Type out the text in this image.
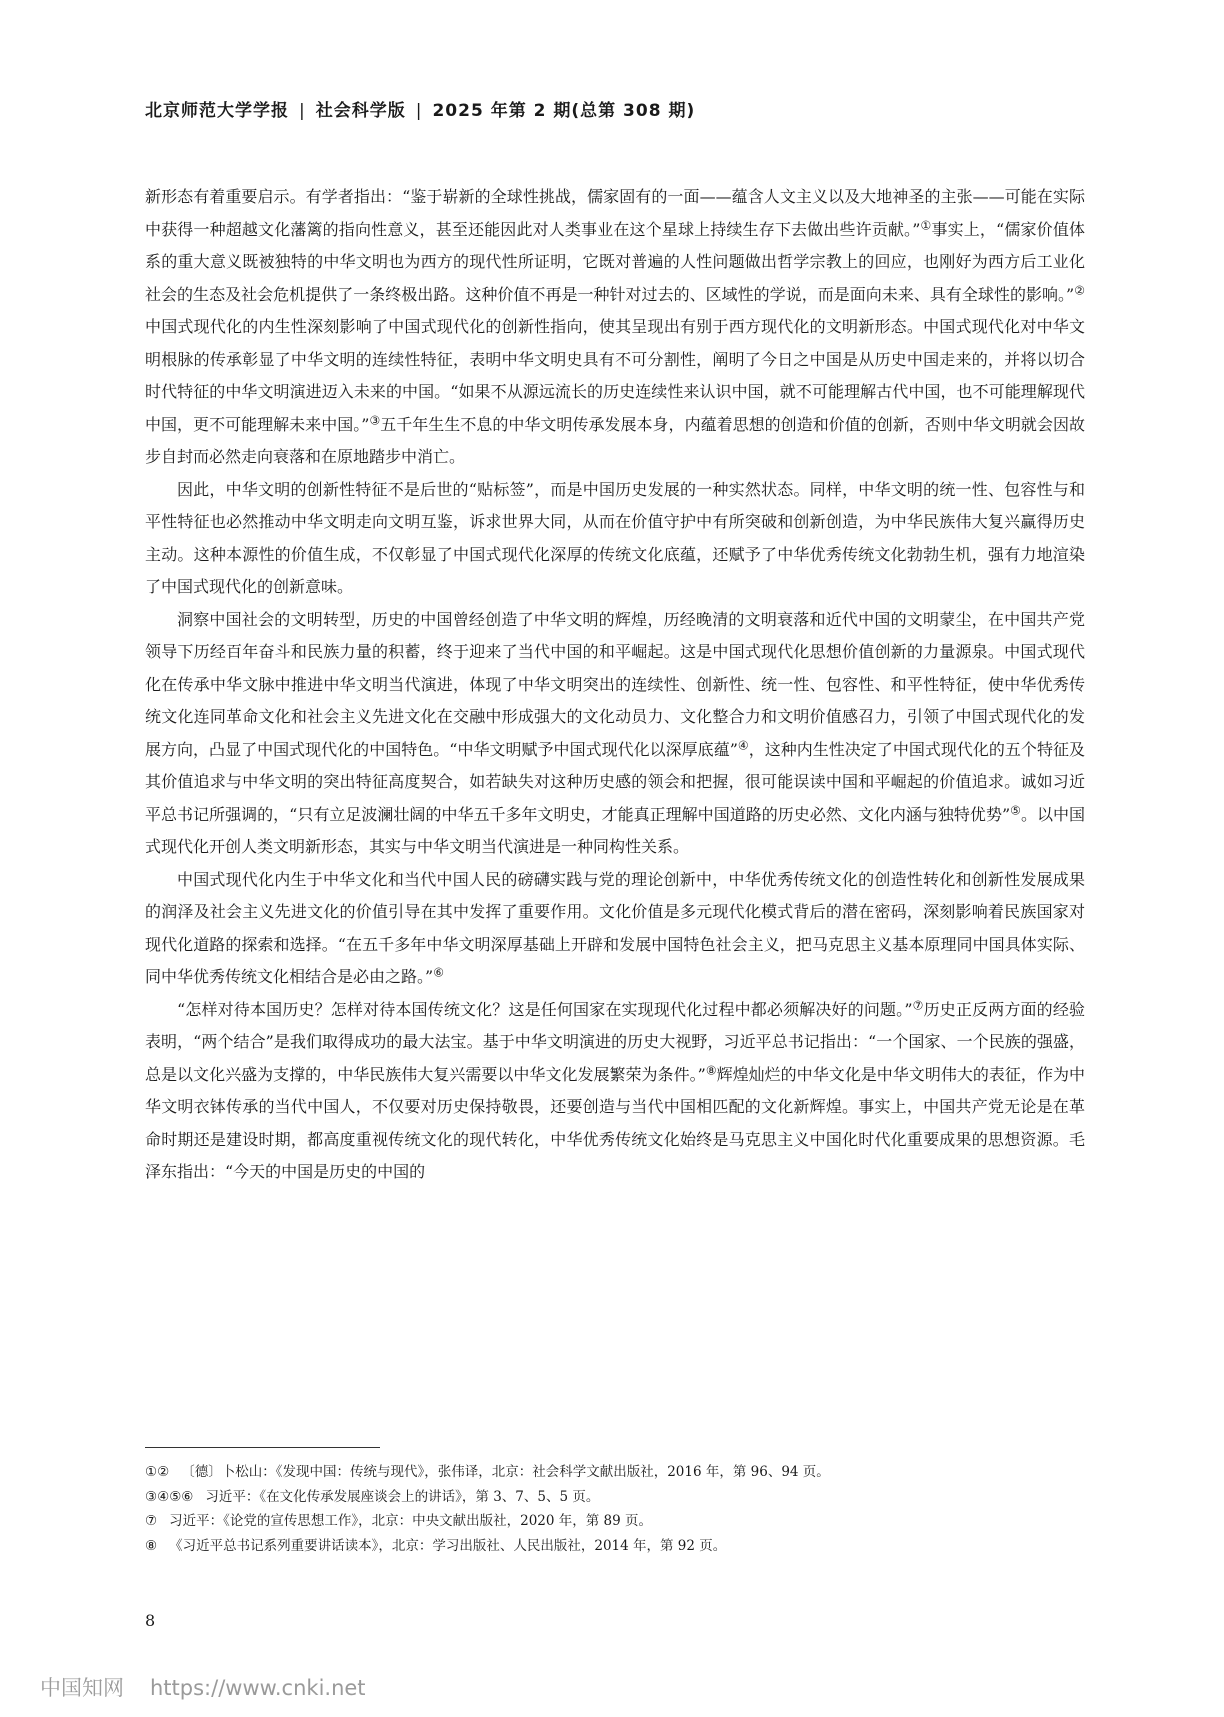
北京师范大学学报 | 社会科学版 | 2025 年第 2 期(总第 308 期)

新形态有着重要启示。有学者指出：“鉴于崭新的全球性挑战，儒家固有的一面——蕴含人文主义以及大地神圣的主张——可能在实际中获得一种超越文化藩篱的指向性意义，甚至还能因此对人类事业在这个星球上持续生存下去做出些许贡献。”①事实上，“儒家价值体系的重大意义既被独特的中华文明也为西方的现代性所证明，它既对普遍的人性问题做出哲学宗教上的回应，也刚好为西方后工业化社会的生态及社会危机提供了一条终极出路。这种价值不再是一种针对过去的、区域性的学说，而是面向未来、具有全球性的影响。”②中国式现代化的内生性深刻影响了中国式现代化的创新性指向，使其呈现出有别于西方现代化的文明新形态。中国式现代化对中华文明根脉的传承彰显了中华文明的连续性特征，表明中华文明史具有不可分割性，阐明了今日之中国是从历史中国走来的，并将以切合时代特征的中华文明演进迈入未来的中国。“如果不从源远流长的历史连续性来认识中国，就不可能理解古代中国，也不可能理解现代中国，更不可能理解未来中国。”③五千年生生不息的中华文明传承发展本身，内蕴着思想的创造和价值的创新，否则中华文明就会因故步自封而必然走向衰落和在原地踏步中消亡。

因此，中华文明的创新性特征不是后世的“贴标签”，而是中国历史发展的一种实然状态。同样，中华文明的统一性、包容性与和平性特征也必然推动中华文明走向文明互鉴，诉求世界大同，从而在价值守护中有所突破和创新创造，为中华民族伟大复兴赢得历史主动。这种本源性的价值生成，不仅彰显了中国式现代化深厚的传统文化底蕴，还赋予了中华优秀传统文化勃勃生机，强有力地渲染了中国式现代化的创新意味。

洞察中国社会的文明转型，历史的中国曾经创造了中华文明的辉煌，历经晚清的文明衰落和近代中国的文明蒙尘，在中国共产党领导下历经百年奋斗和民族力量的积蓄，终于迎来了当代中国的和平崛起。这是中国式现代化思想价值创新的力量源泉。中国式现代化在传承中华文脉中推进中华文明当代演进，体现了中华文明突出的连续性、创新性、统一性、包容性、和平性特征，使中华优秀传统文化连同革命文化和社会主义先进文化在交融中形成强大的文化动员力、文化整合力和文明价值感召力，引领了中国式现代化的发展方向，凸显了中国式现代化的中国特色。“中华文明赋予中国式现代化以深厚底蕴”④，这种内生性决定了中国式现代化的五个特征及其价值追求与中华文明的突出特征高度契合，如若缺失对这种历史感的领会和把握，很可能误读中国和平崛起的价值追求。诚如习近平总书记所强调的，“只有立足波澜壮阔的中华五千多年文明史，才能真正理解中国道路的历史必然、文化内涵与独特优势”⑤。以中国式现代化开创人类文明新形态，其实与中华文明当代演进是一种同构性关系。

中国式现代化内生于中华文化和当代中国人民的磅礴实践与党的理论创新中，中华优秀传统文化的创造性转化和创新性发展成果的润泽及社会主义先进文化的价值引导在其中发挥了重要作用。文化价值是多元现代化模式背后的潜在密码，深刻影响着民族国家对现代化道路的探索和选择。“在五千多年中华文明深厚基础上开辟和发展中国特色社会主义，把马克思主义基本原理同中国具体实际、同中华优秀传统文化相结合是必由之路。”⑥

“怎样对待本国历史？怎样对待本国传统文化？这是任何国家在实现现代化过程中都必须解决好的问题。”⑦历史正反两方面的经验表明，“两个结合”是我们取得成功的最大法宝。基于中华文明演进的历史大视野，习近平总书记指出：“一个国家、一个民族的强盛，总是以文化兴盛为支撑的，中华民族伟大复兴需要以中华文化发展繁荣为条件。”⑧辉煌灿烂的中华文化是中华文明伟大的表征，作为中华文明衣钵传承的当代中国人，不仅要对历史保持敬畏，还要创造与当代中国相匹配的文化新辉煌。事实上，中国共产党无论是在革命时期还是建设时期，都高度重视传统文化的现代转化，中华优秀传统文化始终是马克思主义中国化时代化重要成果的思想资源。毛泽东指出：“今天的中国是历史的中国的

①② 〔德〕卜松山：《发现中国：传统与现代》，张伟译，北京：社会科学文献出版社，2016 年，第 96、94 页。
③④⑤⑥ 习近平：《在文化传承发展座谈会上的讲话》，第 3、7、5、5 页。
⑦ 习近平：《论党的宣传思想工作》，北京：中央文献出版社，2020 年，第 89 页。
⑧ 《习近平总书记系列重要讲话读本》，北京：学习出版社、人民出版社，2014 年，第 92 页。
8
中国知网 https://www.cnki.net
